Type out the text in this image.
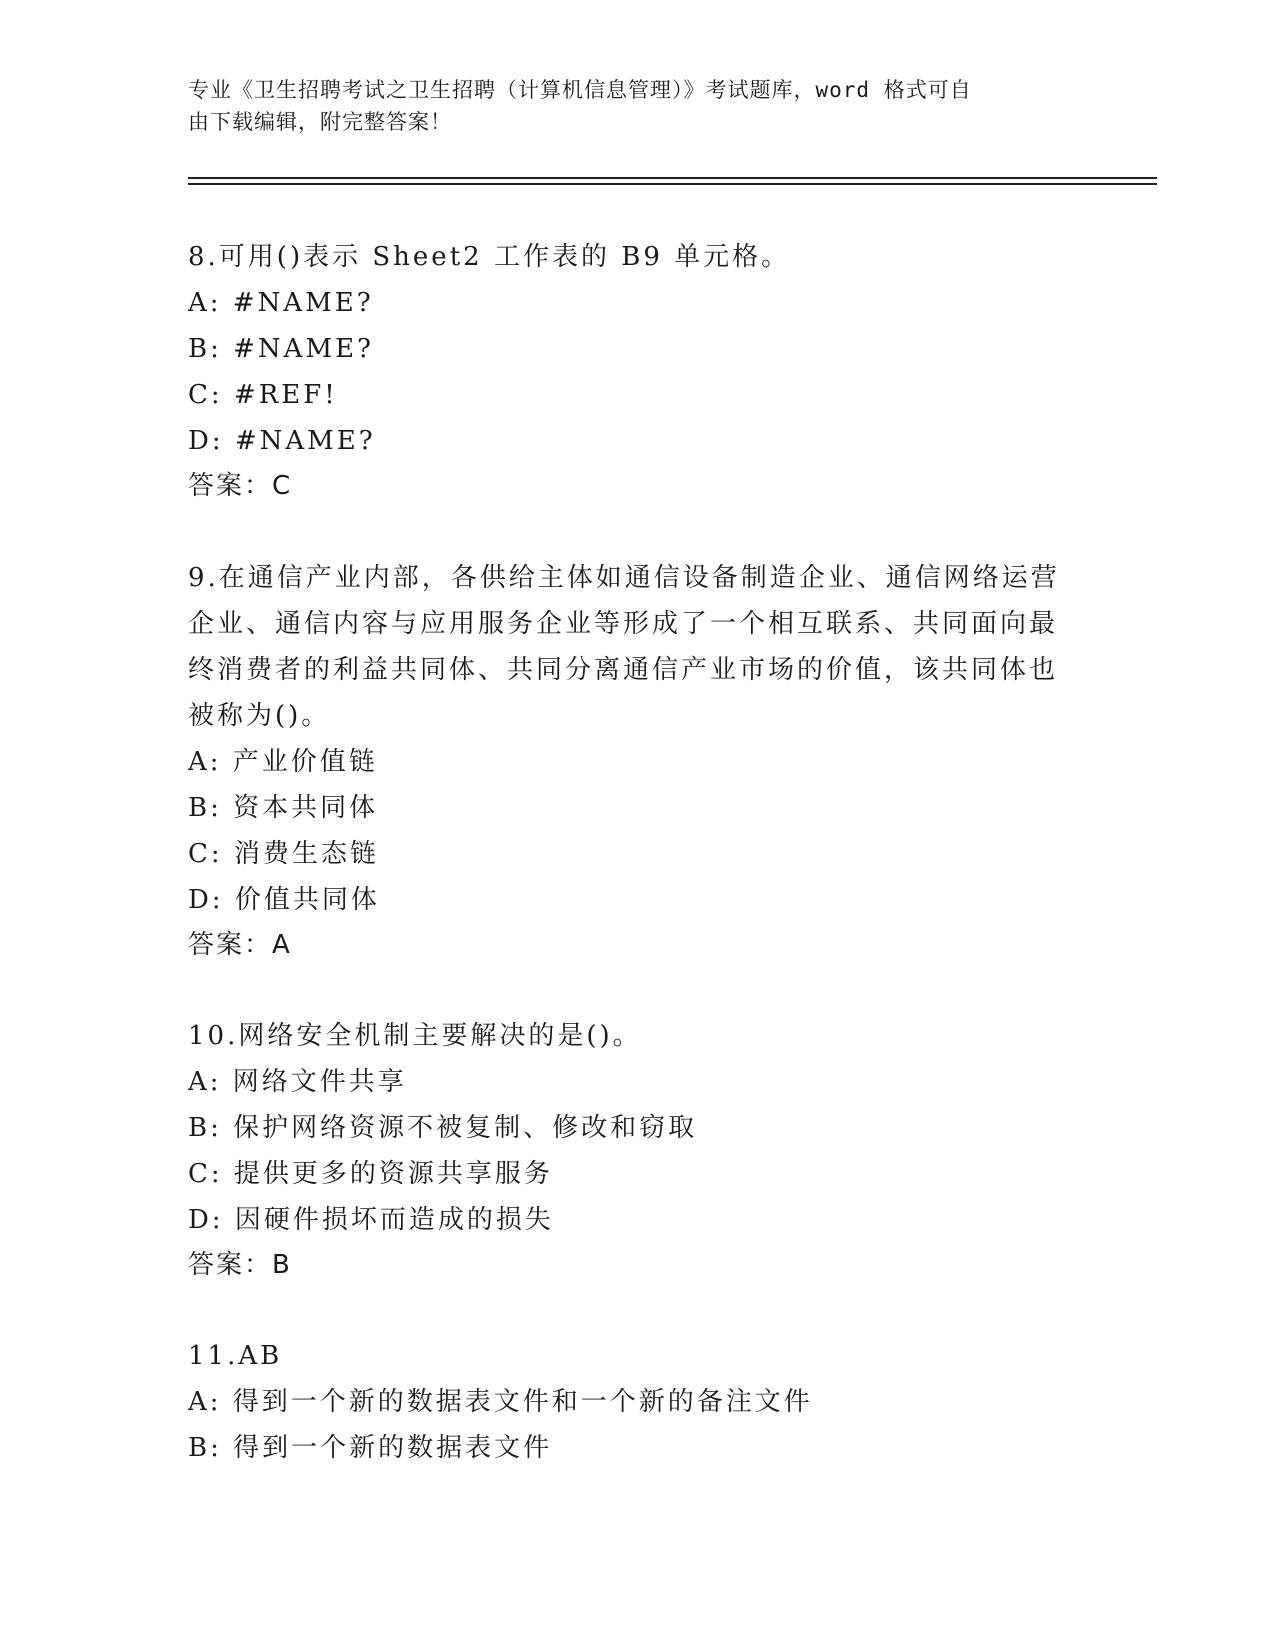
专业《卫生招聘考试之卫生招聘（计算机信息管理）》考试题库，word 格式可自
由下载编辑，附完整答案！
8.可用()表示 Sheet2 工作表的 B9 单元格。
A: #NAME?
B: #NAME?
C: #REF!
D: #NAME?
答案：C
9.在通信产业内部，各供给主体如通信设备制造企业、通信网络运营企业、通信内容与应用服务企业等形成了一个相互联系、共同面向最终消费者的利益共同体、共同分离通信产业市场的价值，该共同体也被称为()。
A: 产业价值链
B: 资本共同体
C: 消费生态链
D: 价值共同体
答案：A
10.网络安全机制主要解决的是()。
A: 网络文件共享
B: 保护网络资源不被复制、修改和窃取
C: 提供更多的资源共享服务
D: 因硬件损坏而造成的损失
答案：B
11.AB
A: 得到一个新的数据表文件和一个新的备注文件
B: 得到一个新的数据表文件
